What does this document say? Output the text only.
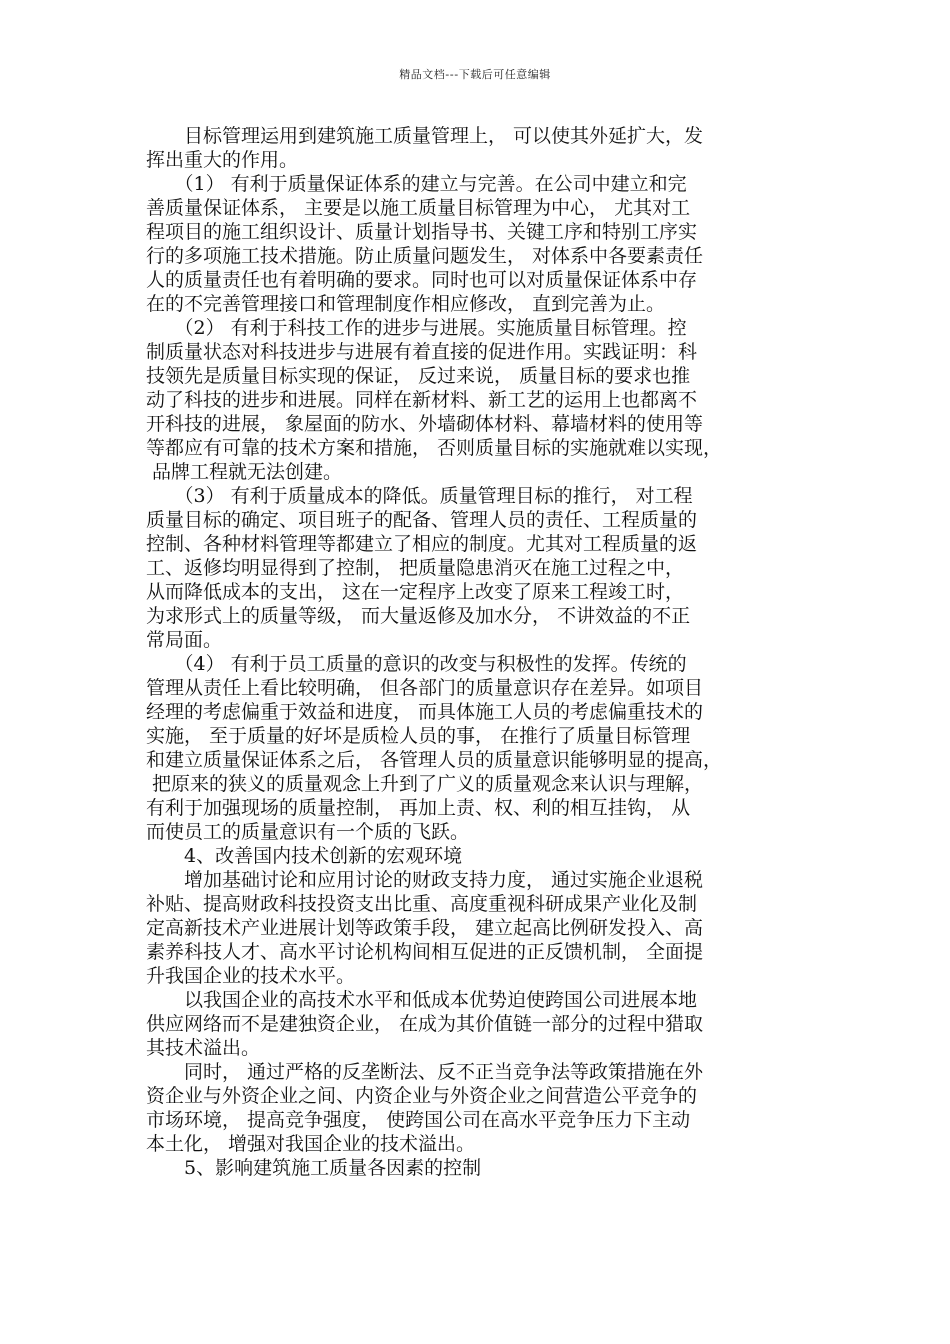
精品文档---下载后可任意编辑
　　目标管理运用到建筑施工质量管理上， 可以使其外延扩大，发
挥出重大的作用。
　　（1） 有利于质量保证体系的建立与完善。在公司中建立和完
善质量保证体系， 主要是以施工质量目标管理为中心， 尤其对工
程项目的施工组织设计、质量计划指导书、关键工序和特别工序实
行的多项施工技术措施。防止质量问题发生， 对体系中各要素责任
人的质量责任也有着明确的要求。同时也可以对质量保证体系中存
在的不完善管理接口和管理制度作相应修改， 直到完善为止。
　　（2） 有利于科技工作的进步与进展。实施质量目标管理。控
制质量状态对科技进步与进展有着直接的促进作用。实践证明：科
技领先是质量目标实现的保证， 反过来说， 质量目标的要求也推
动了科技的进步和进展。同样在新材料、新工艺的运用上也都离不
开科技的进展， 象屋面的防水、外墙砌体材料、幕墙材料的使用等
等都应有可靠的技术方案和措施， 否则质量目标的实施就难以实现，
品牌工程就无法创建。
　　（3） 有利于质量成本的降低。质量管理目标的推行， 对工程
质量目标的确定、项目班子的配备、管理人员的责任、工程质量的
控制、各种材料管理等都建立了相应的制度。尤其对工程质量的返
工、返修均明显得到了控制， 把质量隐患消灭在施工过程之中，
从而降低成本的支出， 这在一定程序上改变了原来工程竣工时，
为求形式上的质量等级， 而大量返修及加水分， 不讲效益的不正
常局面。
　　（4） 有利于员工质量的意识的改变与积极性的发挥。传统的
管理从责任上看比较明确， 但各部门的质量意识存在差异。如项目
经理的考虑偏重于效益和进度， 而具体施工人员的考虑偏重技术的
实施， 至于质量的好坏是质检人员的事， 在推行了质量目标管理
和建立质量保证体系之后， 各管理人员的质量意识能够明显的提高，
把原来的狭义的质量观念上升到了广义的质量观念来认识与理解，
有利于加强现场的质量控制， 再加上责、权、利的相互挂钩， 从
而使员工的质量意识有一个质的飞跃。
　　4、改善国内技术创新的宏观环境
　　增加基础讨论和应用讨论的财政支持力度， 通过实施企业退税
补贴、提高财政科技投资支出比重、高度重视科研成果产业化及制
定高新技术产业进展计划等政策手段， 建立起高比例研发投入、高
素养科技人才、高水平讨论机构间相互促进的正反馈机制， 全面提
升我国企业的技术水平。
　　以我国企业的高技术水平和低成本优势迫使跨国公司进展本地
供应网络而不是建独资企业， 在成为其价值链一部分的过程中猎取
其技术溢出。
　　同时， 通过严格的反垄断法、反不正当竞争法等政策措施在外
资企业与外资企业之间、内资企业与外资企业之间营造公平竞争的
市场环境， 提高竞争强度， 使跨国公司在高水平竞争压力下主动
本土化， 增强对我国企业的技术溢出。
　　5、影响建筑施工质量各因素的控制
